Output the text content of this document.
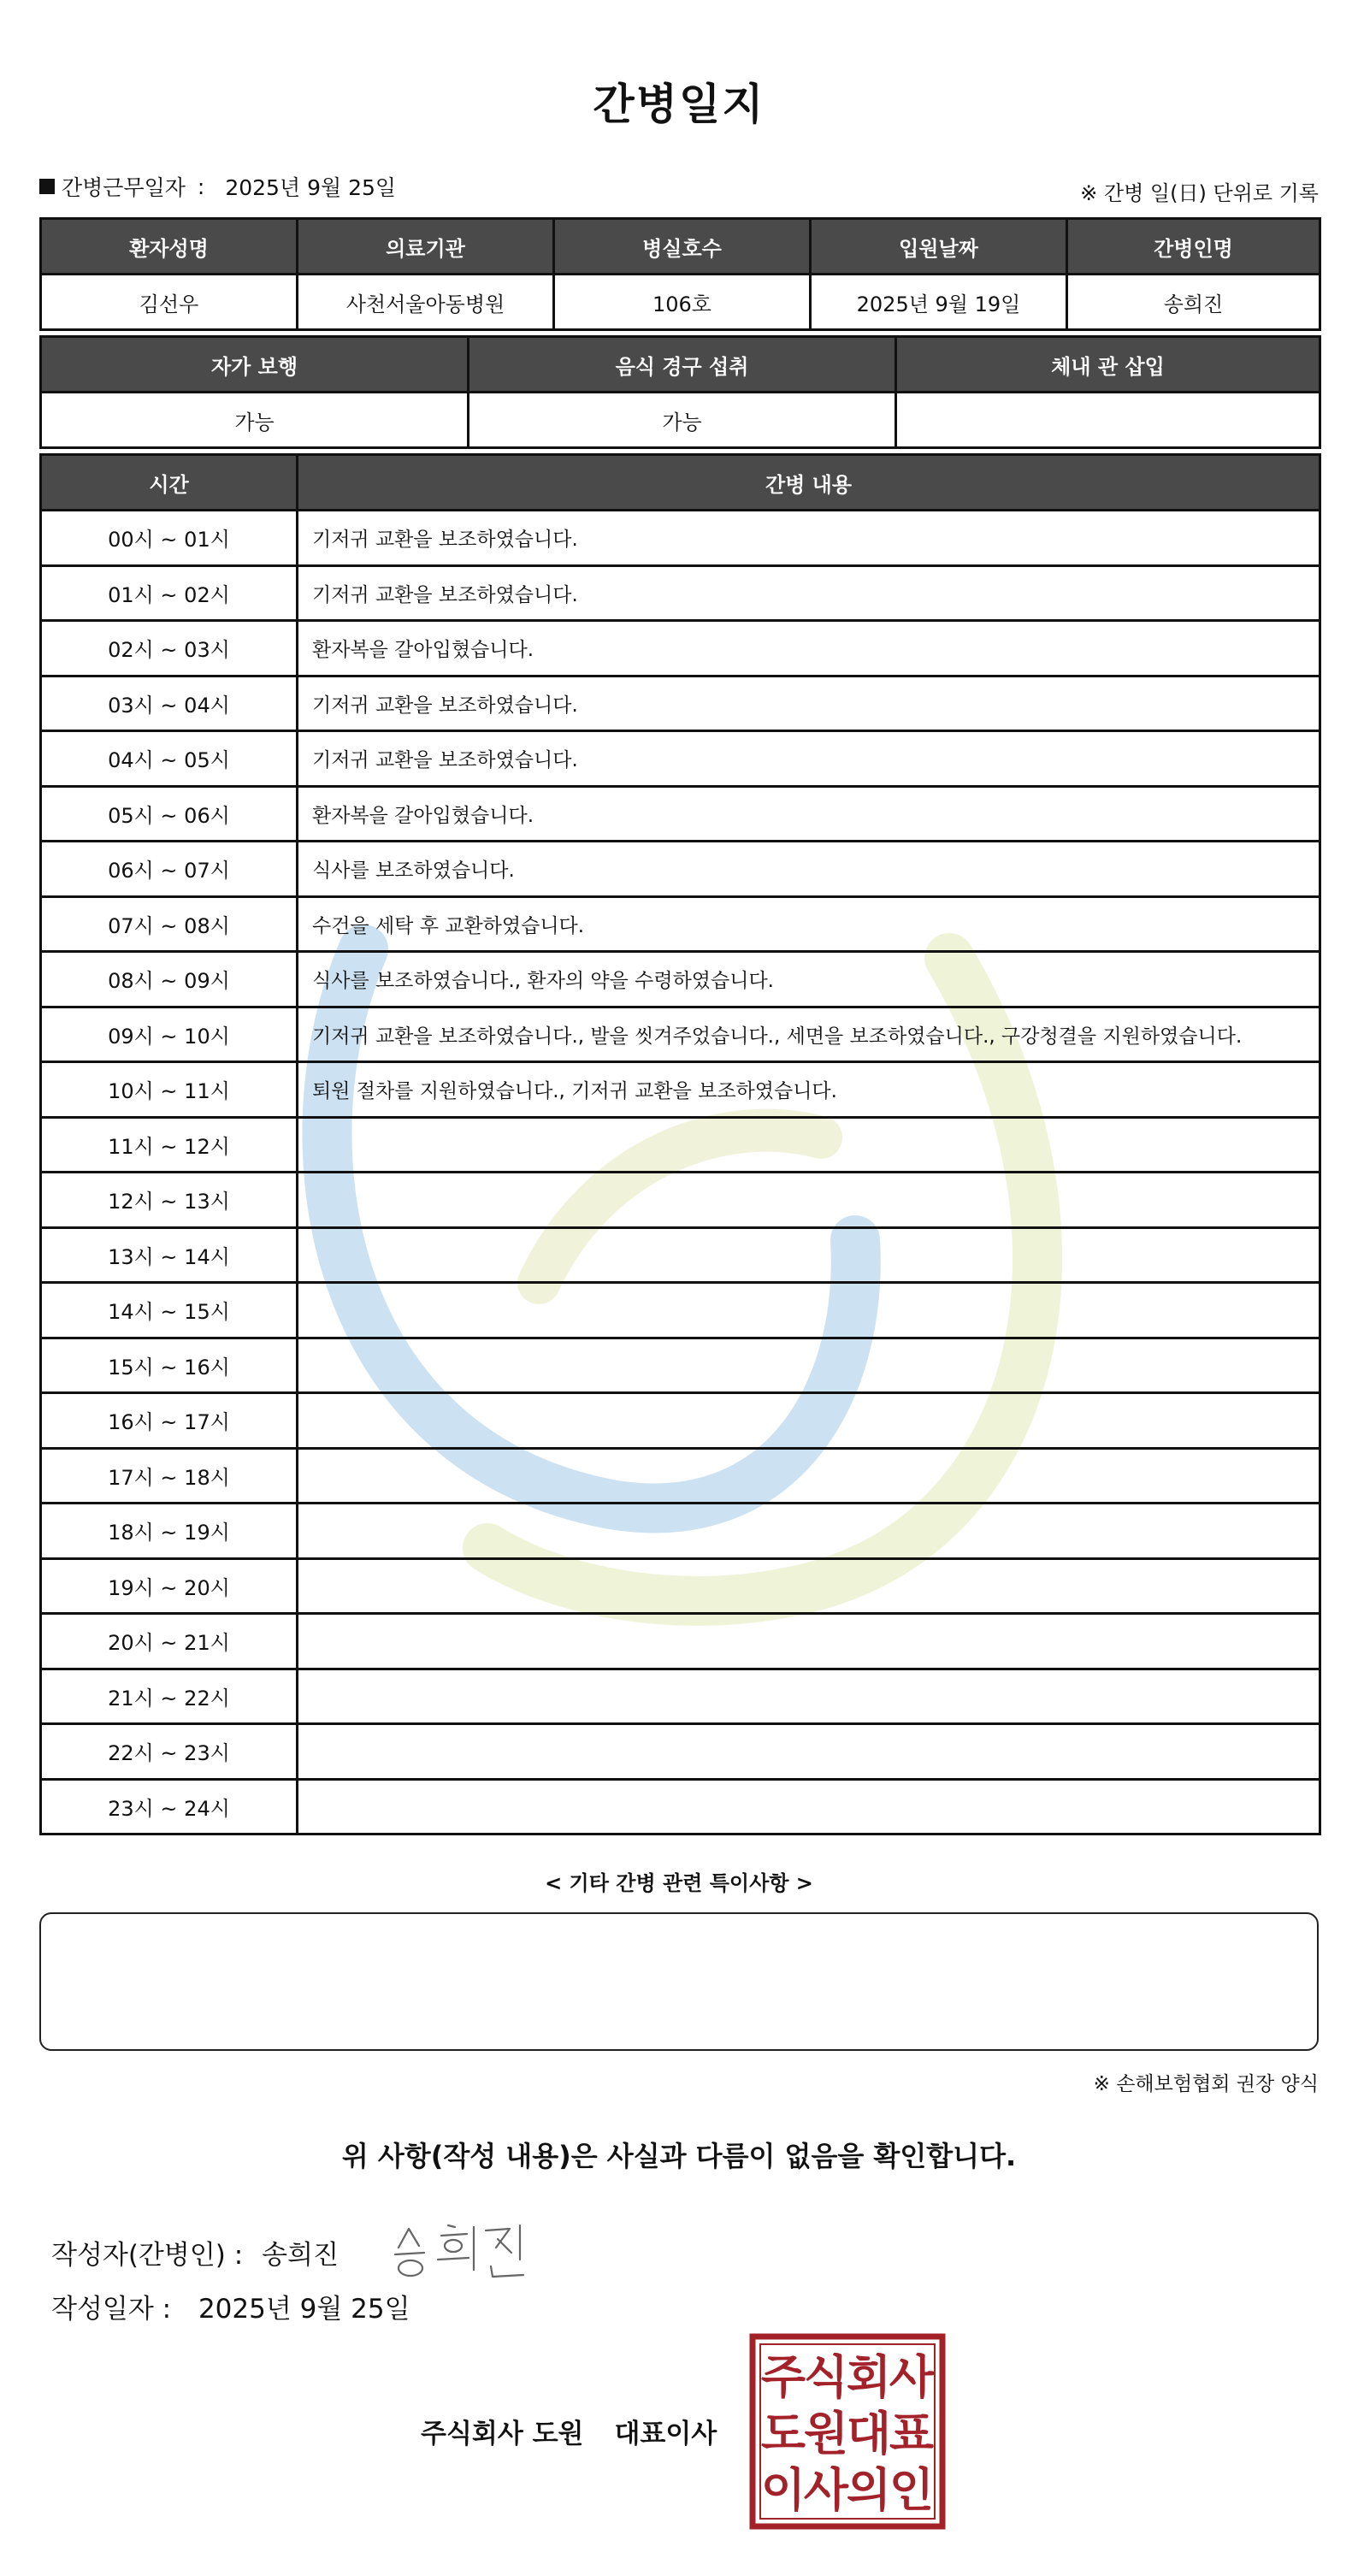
간병일지
간병근무일자 : 2025년 9월 25일	※ 간병 일(日) 단위로 기록
환자성명	의료기관	병실호수	입원날짜	간병인명
김선우	사천서울아동병원	106호	2025년 9월 19일	송희진
자가 보행	음식 경구 섭취	체내 관 삽입
가능	가능	
시간	간병 내용
00시 ~ 01시	기저귀 교환을 보조하였습니다.
01시 ~ 02시	기저귀 교환을 보조하였습니다.
02시 ~ 03시	환자복을 갈아입혔습니다.
03시 ~ 04시	기저귀 교환을 보조하였습니다.
04시 ~ 05시	기저귀 교환을 보조하였습니다.
05시 ~ 06시	환자복을 갈아입혔습니다.
06시 ~ 07시	식사를 보조하였습니다.
07시 ~ 08시	수건을 세탁 후 교환하였습니다.
08시 ~ 09시	식사를 보조하였습니다., 환자의 약을 수령하였습니다.
09시 ~ 10시	기저귀 교환을 보조하였습니다., 발을 씻겨주었습니다., 세면을 보조하였습니다., 구강청결을 지원하였습니다.
10시 ~ 11시	퇴원 절차를 지원하였습니다., 기저귀 교환을 보조하였습니다.
11시 ~ 12시	
12시 ~ 13시	
13시 ~ 14시	
14시 ~ 15시	
15시 ~ 16시	
16시 ~ 17시	
17시 ~ 18시	
18시 ~ 19시	
19시 ~ 20시	
20시 ~ 21시	
21시 ~ 22시	
22시 ~ 23시	
23시 ~ 24시	
< 기타 간병 관련 특이사항 >
※ 손해보험협회 권장 양식
위 사항(작성 내용)은 사실과 다름이 없음을 확인합니다.
작성자(간병인) : 송희진
작성일자 : 2025년 9월 25일
주식회사 도원 대표이사
주
식
회
사
도
원
대
표
이
사
의
인
